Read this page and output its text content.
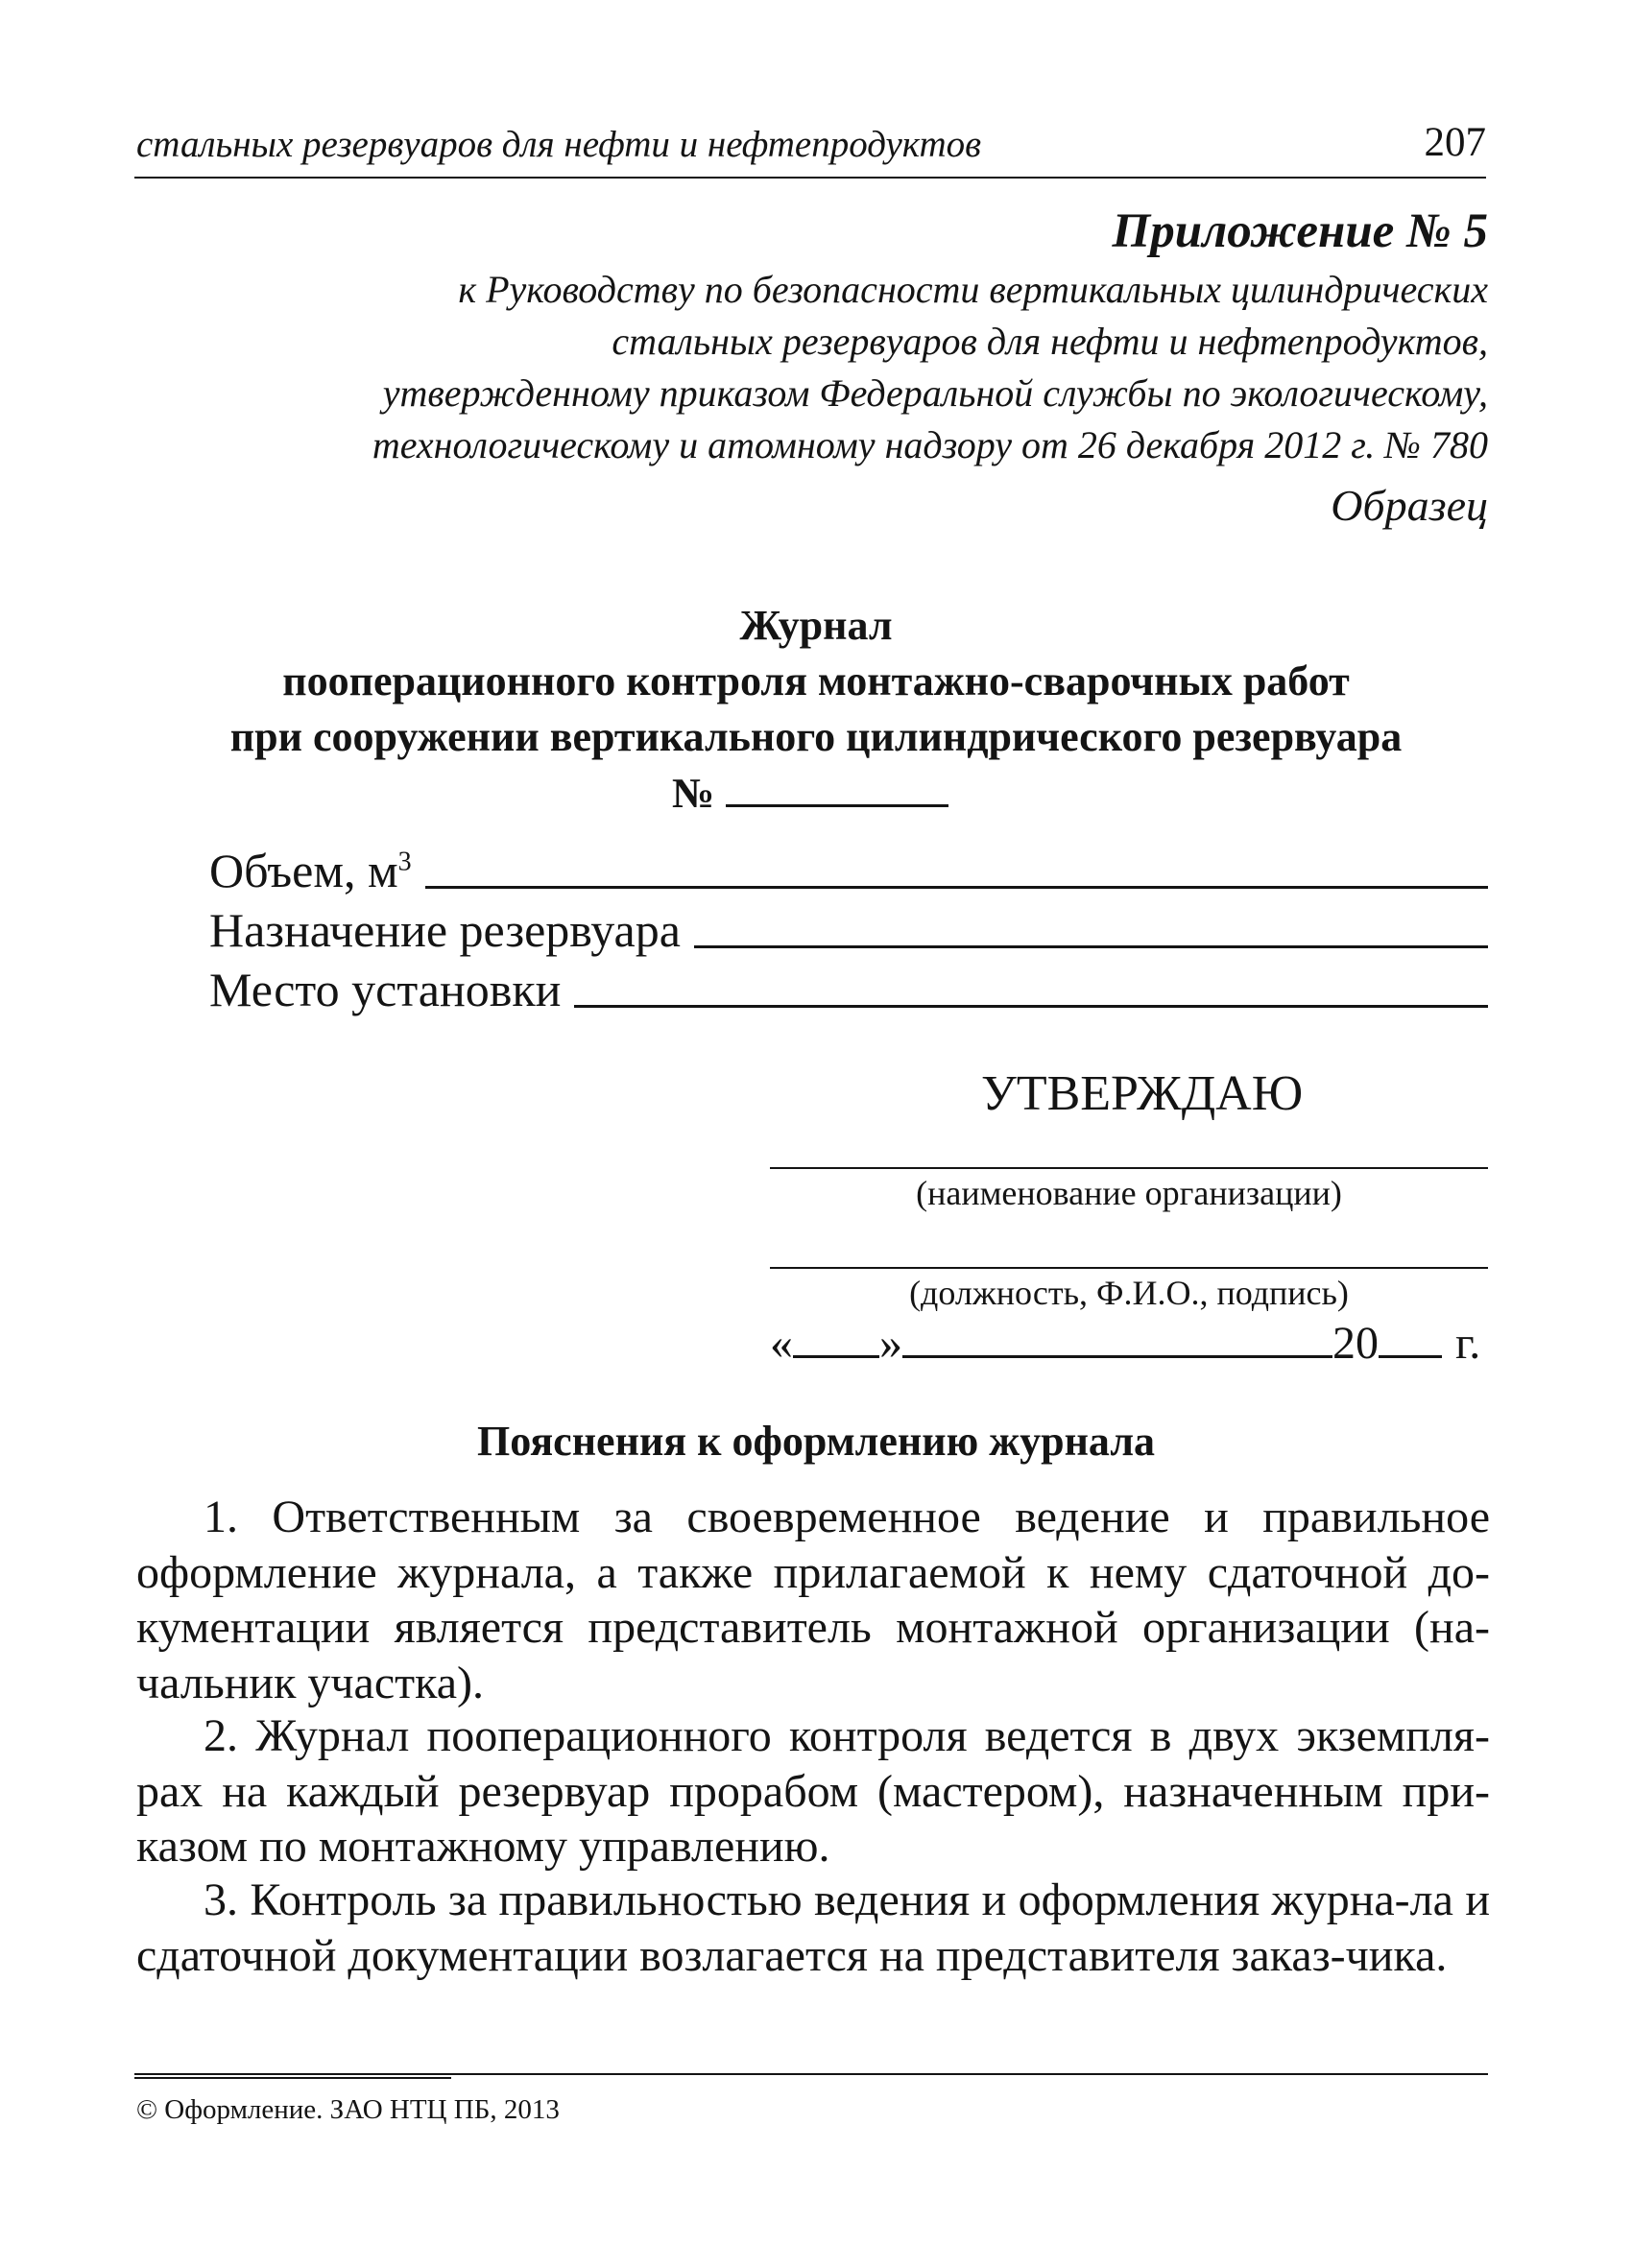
стальных резервуаров для нефти и нефтепродуктов	207
Приложение № 5
к Руководству по безопасности вертикальных цилиндрических
стальных резервуаров для нефти и нефтепродуктов,
утвержденному приказом Федеральной службы по экологическому,
технологическому и атомному надзору от 26 декабря 2012 г. № 780
Образец
Журнал
пооперационного контроля монтажно-сварочных работ
при сооружении вертикального цилиндрического резервуара
№
Объем, $м^3$
Назначение резервуара
Место установки
УТВЕРЖДАЮ
(наименование организации)
(должность, Ф.И.О., подпись)
« »	20 г.
Пояснения к оформлению журнала
1. Ответственным за своевременное ведение и правильное оформление журнала, а также прилагаемой к нему сдаточной до-кументации является представитель монтажной организации (на-чальник участка).
2. Журнал пооперационного контроля ведется в двух экземпля-рах на каждый резервуар прорабом (мастером), назначенным при-казом по монтажному управлению.
3. Контроль за правильностью ведения и оформления журна-ла и сдаточной документации возлагается на представителя заказ-чика.
© Оформление. ЗАО НТЦ ПБ, 2013
